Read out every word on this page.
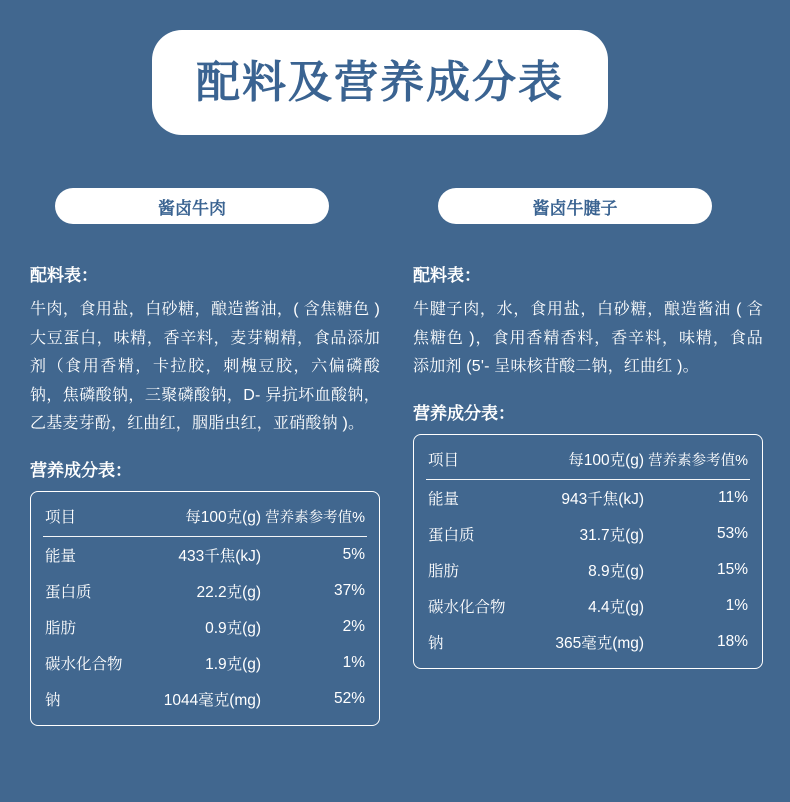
配料及营养成分表
酱卤牛肉
配料表：
牛肉，食用盐，白砂糖，酿造酱油，( 含焦糖色 ) 大豆蛋白，味精，香辛料，麦芽糊精，食品添加剂（食用香精，卡拉胶，刺槐豆胶，六偏磷酸钠，焦磷酸钠，三聚磷酸钠，D- 异抗坏血酸钠，乙基麦芽酚，红曲红，胭脂虫红，亚硝酸钠 )。
营养成分表：
项目	每100克(g)	营养素参考值%
能量	433千焦(kJ)	5%
蛋白质	22.2克(g)	37%
脂肪	0.9克(g)	2%
碳水化合物	1.9克(g)	1%
钠	1044毫克(mg)	52%
酱卤牛腱子
配料表：
牛腱子肉，水，食用盐，白砂糖，酿造酱油 ( 含焦糖色 )，食用香精香料，香辛料，味精，食品添加剂 (5'- 呈味核苷酸二钠，红曲红 )。
营养成分表：
项目	每100克(g)	营养素参考值%
能量	943千焦(kJ)	11%
蛋白质	31.7克(g)	53%
脂肪	8.9克(g)	15%
碳水化合物	4.4克(g)	1%
钠	365毫克(mg)	18%
